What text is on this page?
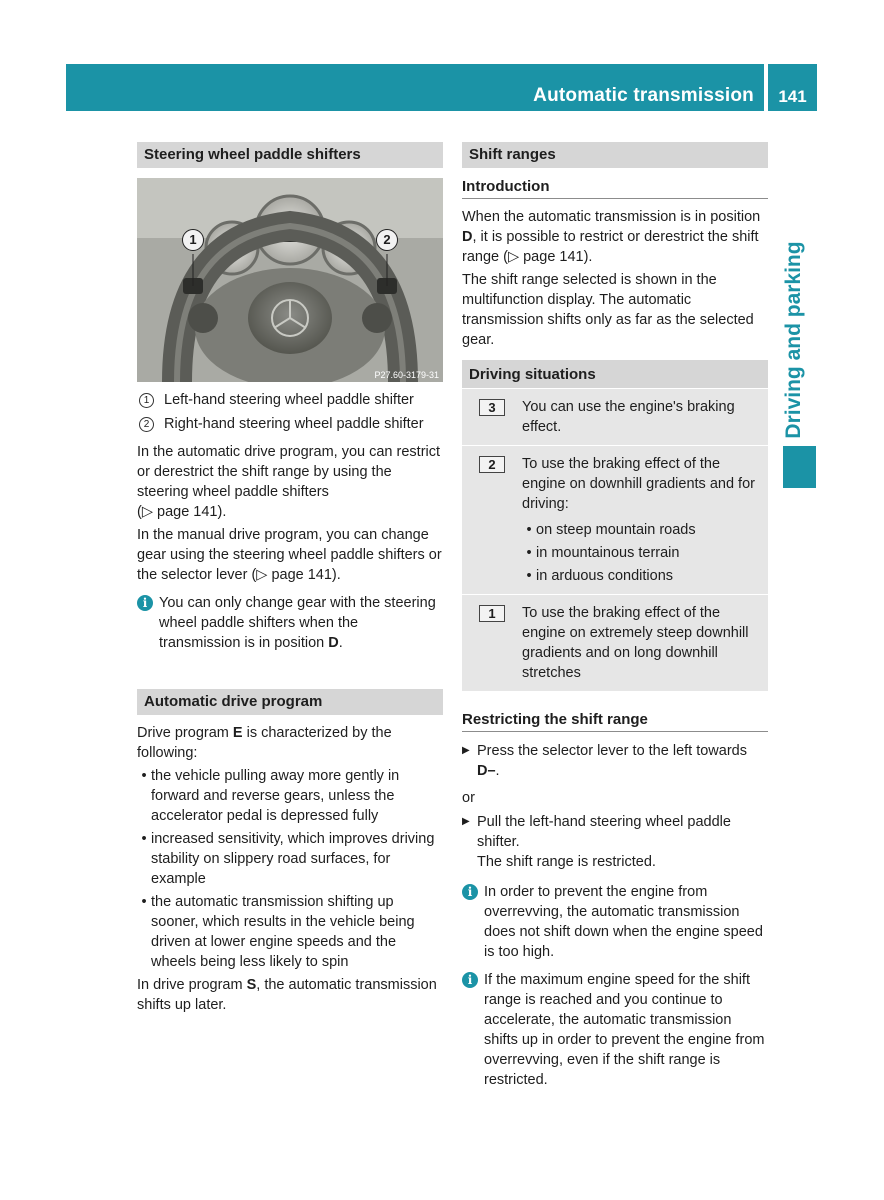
Automatic transmission	141
Driving and parking
Steering wheel paddle shifters
1	2
P27.60-3179-31
1	Left-hand steering wheel paddle shifter
2	Right-hand steering wheel paddle shifter

In the automatic drive program, you can restrict or derestrict the shift range by using the steering wheel paddle shifters
(▷ page 141).

In the manual drive program, you can change gear using the steering wheel paddle shifters or the selector lever (▷ page 141).

i You can only change gear with the steering wheel paddle shifters when the transmission is in position D.

Automatic drive program

Drive program E is characterized by the following:

• the vehicle pulling away more gently in forward and reverse gears, unless the accelerator pedal is depressed fully
• increased sensitivity, which improves driving stability on slippery road surfaces, for example
• the automatic transmission shifting up sooner, which results in the vehicle being driven at lower engine speeds and the wheels being less likely to spin

In drive program S, the automatic transmission shifts up later.

Shift ranges
Introduction

When the automatic transmission is in position D, it is possible to restrict or derestrict the shift range (▷ page 141).

The shift range selected is shown in the multifunction display. The automatic transmission shifts only as far as the selected gear.

Driving situations
3	You can use the engine's braking effect.

2	To use the braking effect of the engine on downhill gradients and for driving:

• on steep mountain roads
• in mountainous terrain
• in arduous conditions
1	To use the braking effect of the engine on extremely steep downhill gradients and on long downhill stretches

Restricting the shift range
▶ Press the selector lever to the left towards D–.

or

▶ Pull the left-hand steering wheel paddle shifter.
The shift range is restricted.
i In order to prevent the engine from overrevving, the automatic transmission does not shift down when the engine speed is too high.

i If the maximum engine speed for the shift range is reached and you continue to accelerate, the automatic transmission shifts up in order to prevent the engine from overrevving, even if the shift range is restricted.
